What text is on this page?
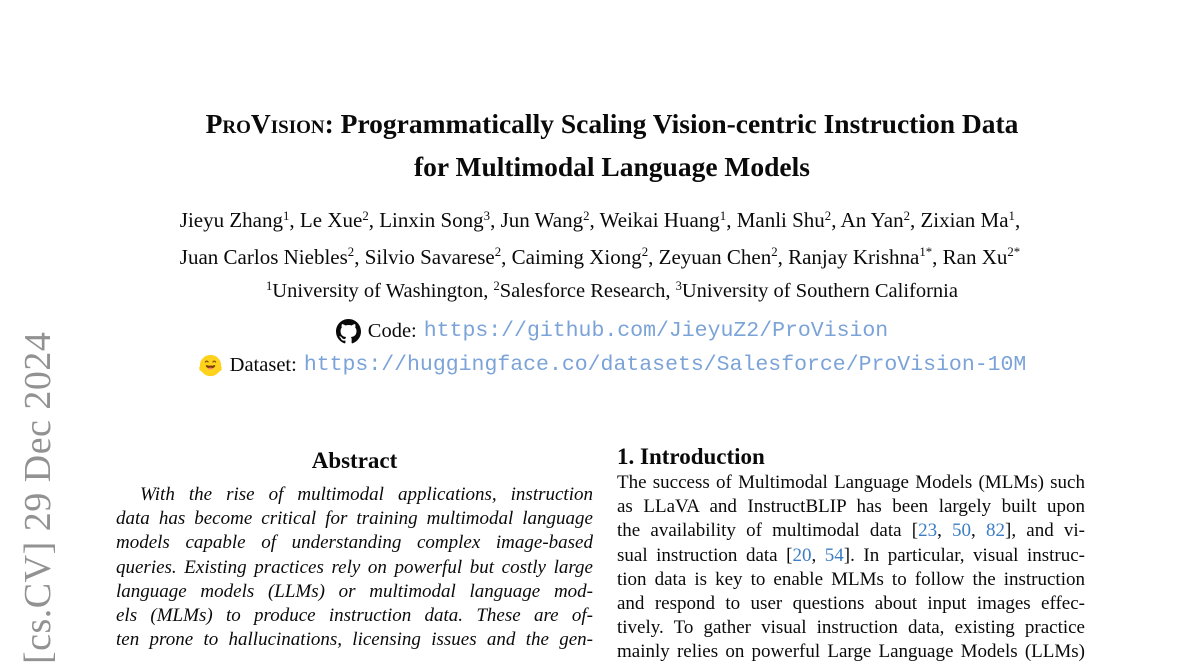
[cs.CV] 29 Dec 2024
ProVision: Programmatically Scaling Vision-centric Instruction Data
for Multimodal Language Models
Jieyu Zhang$^1$, Le Xue$^2$, Linxin Song$^3$, Jun Wang$^2$, Weikai Huang$^1$, Manli Shu$^2$, An Yan$^2$, Zixian Ma$^1$,
Juan Carlos Niebles$^2$, Silvio Savarese$^2$, Caiming Xiong$^2$, Zeyuan Chen$^2$, Ranjay Krishna$^{1*}$, Ran $Xu^{2*}$
$^1$University of Washington, $^2$Salesforce Research, $^3$University of Southern California
Code: https://github.com/JieyuZ2/ProVision
Dataset: https://huggingface.co/datasets/Salesforce/ProVision-10M
Abstract
With the rise of multimodal applications, instruction
data has become critical for training multimodal language
models capable of understanding complex image-based
queries. Existing practices rely on powerful but costly large
language models (LLMs) or multimodal language mod-
els (MLMs) to produce instruction data. These are of-
ten prone to hallucinations, licensing issues and the gen-
1. Introduction
The success of Multimodal Language Models (MLMs) such
as LLaVA and InstructBLIP has been largely built upon
the availability of multimodal data [23, 50, 82], and vi-
sual instruction data [20, 54]. In particular, visual instruc-
tion data is key to enable MLMs to follow the instruction
and respond to user questions about input images effec-
tively. To gather visual instruction data, existing practice
mainly relies on powerful Large Language Models (LLMs)
